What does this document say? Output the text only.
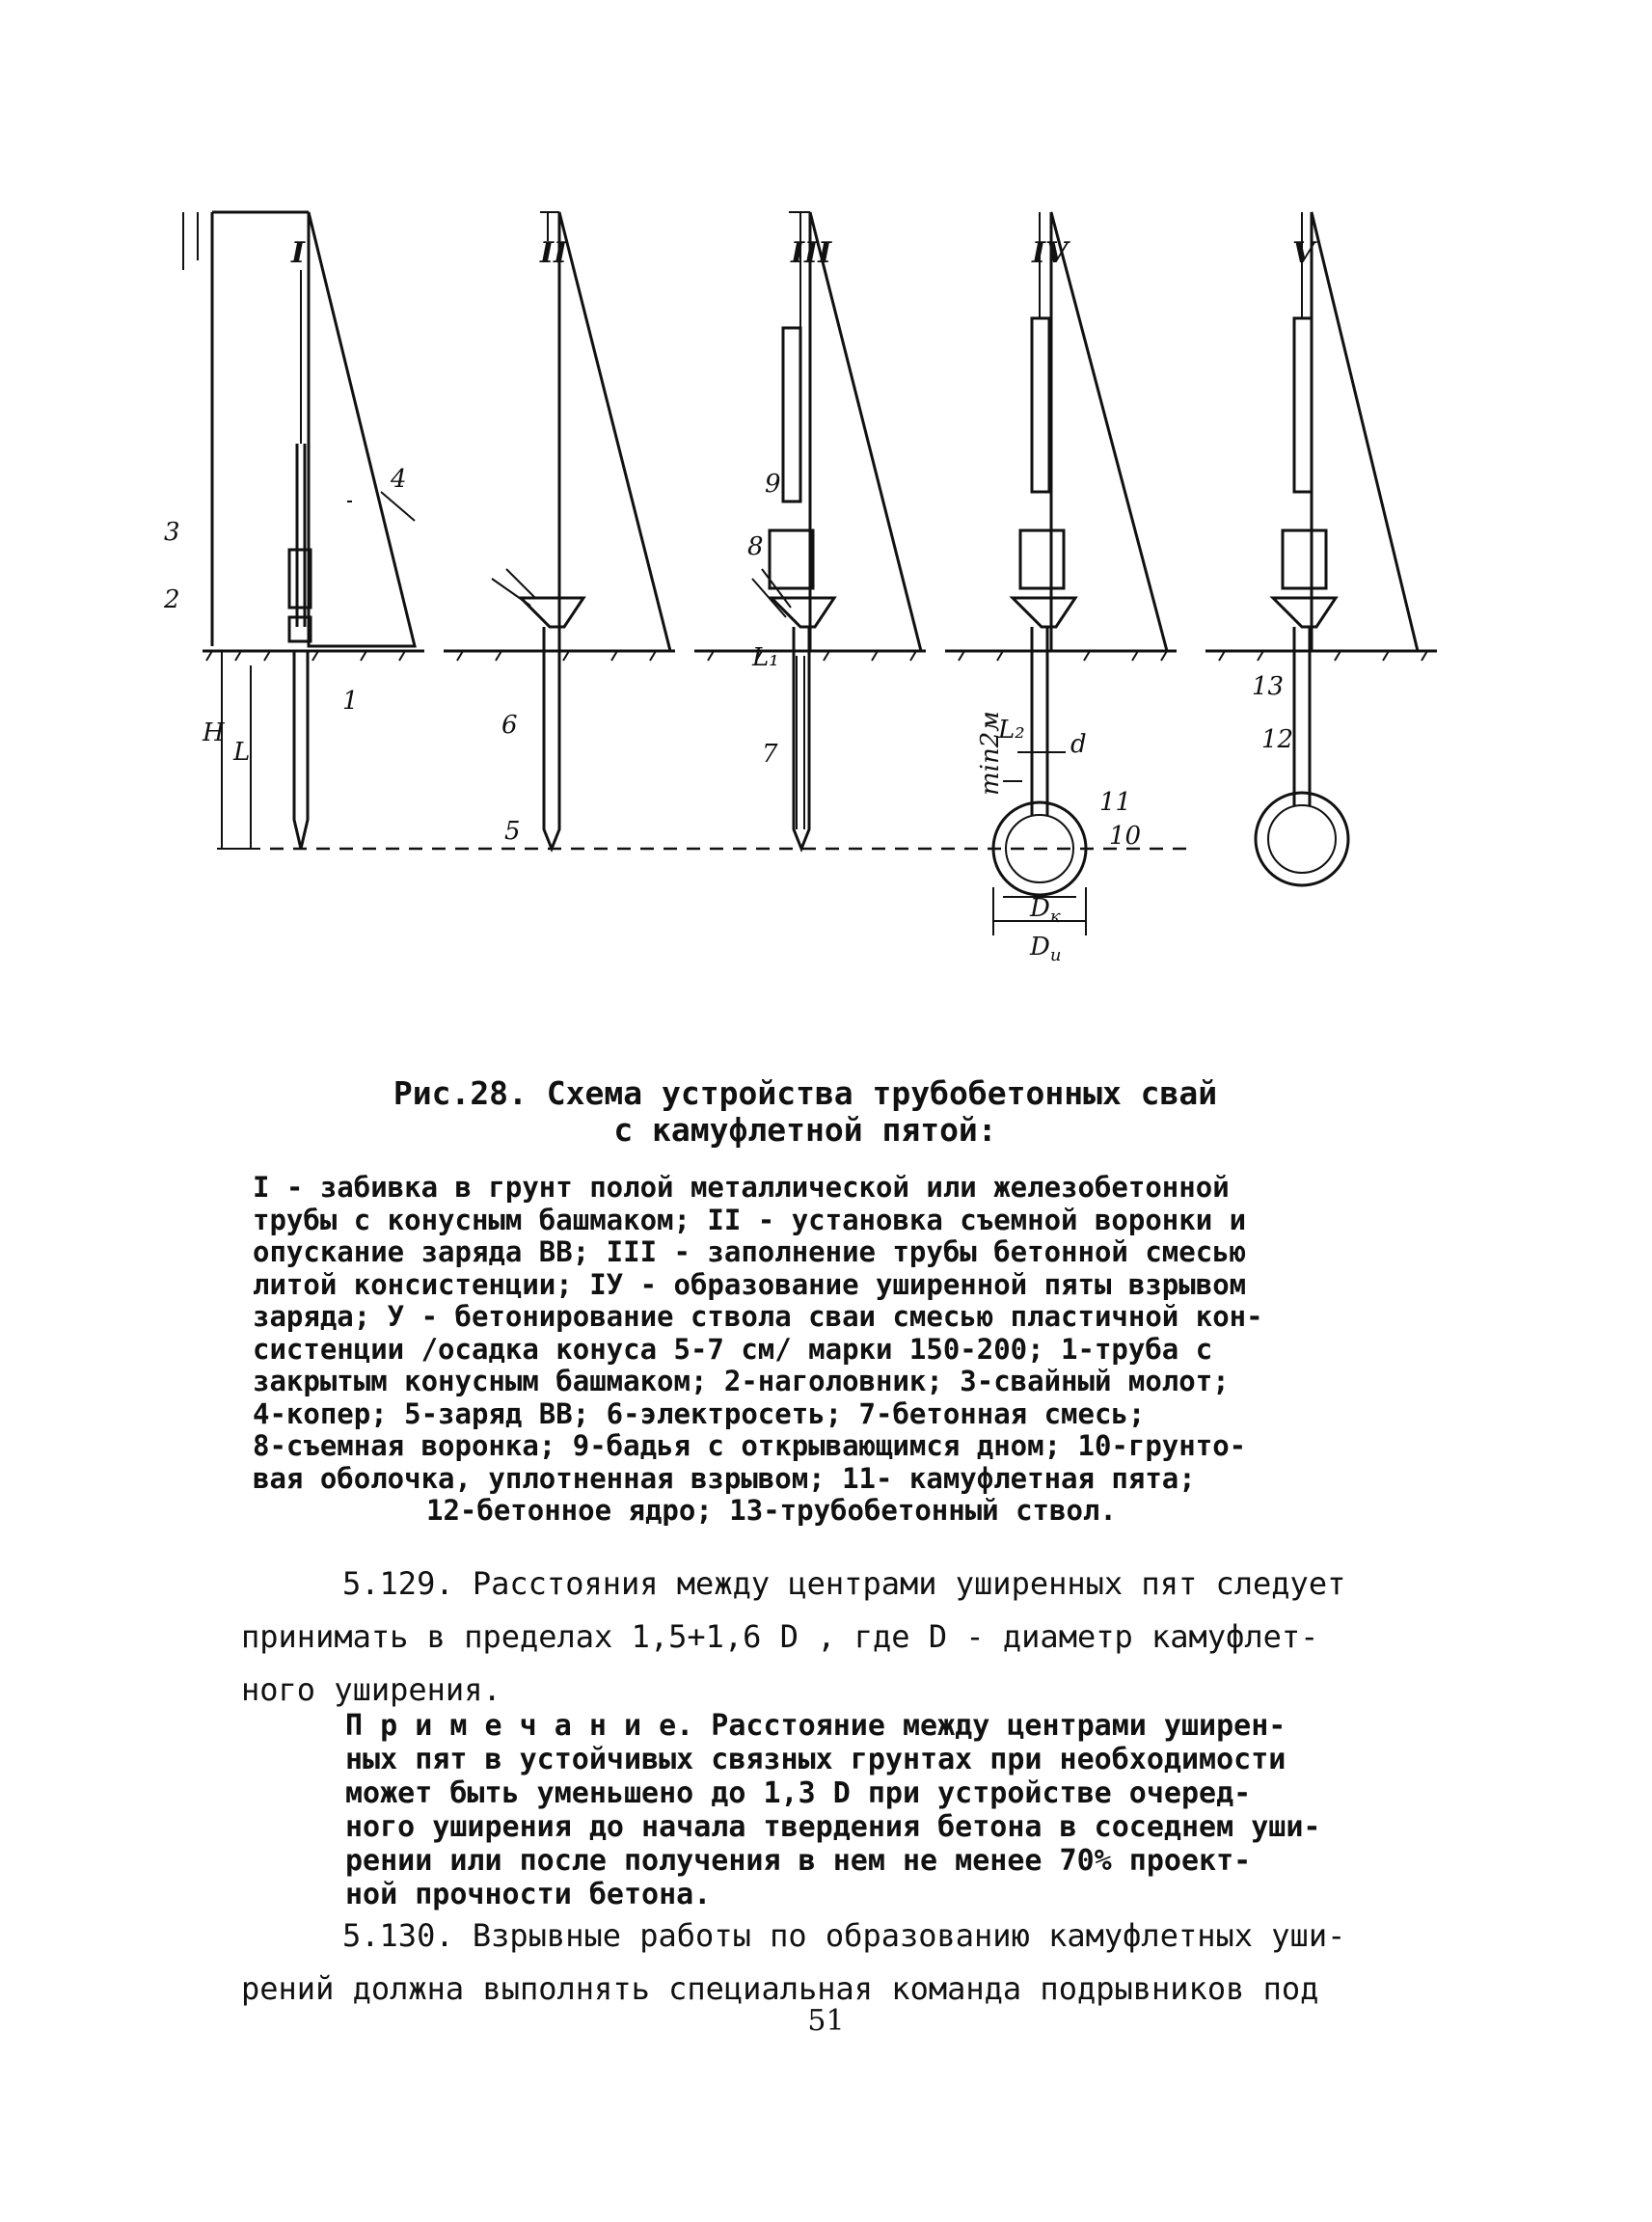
I	II	III	IV	V
H
L
1
2
3
4
6
5
9
8
7
L₁
L₂ d
min2м
11
10
$D_к$
$D_u$
13
12
Рис.28. Схема устройства трубобетонных свай
с камуфлетной пятой:
I - забивка в грунт полой металлической или железобетонной
трубы с конусным башмаком; II - установка съемной воронки и
опускание заряда ВВ; III - заполнение трубы бетонной смесью
литой консистенции; IУ - образование уширенной пяты взрывом
заряда; У - бетонирование ствола сваи смесью пластичной кон-
систенции /осадка конуса 5-7 см/ марки 150-200; 1-труба с
закрытым конусным башмаком; 2-наголовник; 3-свайный молот;
4-копер; 5-заряд ВВ; 6-электросеть; 7-бетонная смесь;
8-съемная воронка; 9-бадья с открывающимся дном; 10-грунто-
вая оболочка, уплотненная взрывом; 11- камуфлетная пята;
12-бетонное ядро; 13-трубобетонный ствол.
5.129. Расстояния между центрами уширенных пят следует
принимать в пределах 1,5+1,6 D , где D - диаметр камуфлет-
ного уширения.
П р и м е ч а н и е. Расстояние между центрами уширен-
ных пят в устойчивых связных грунтах при необходимости
может быть уменьшено до 1,3 D при устройстве очеред-
ного уширения до начала твердения бетона в соседнем уши-
рении или после получения в нем не менее 70% проект-
ной прочности бетона.
5.130. Взрывные работы по образованию камуфлетных уши-
рений должна выполнять специальная команда подрывников под
51
